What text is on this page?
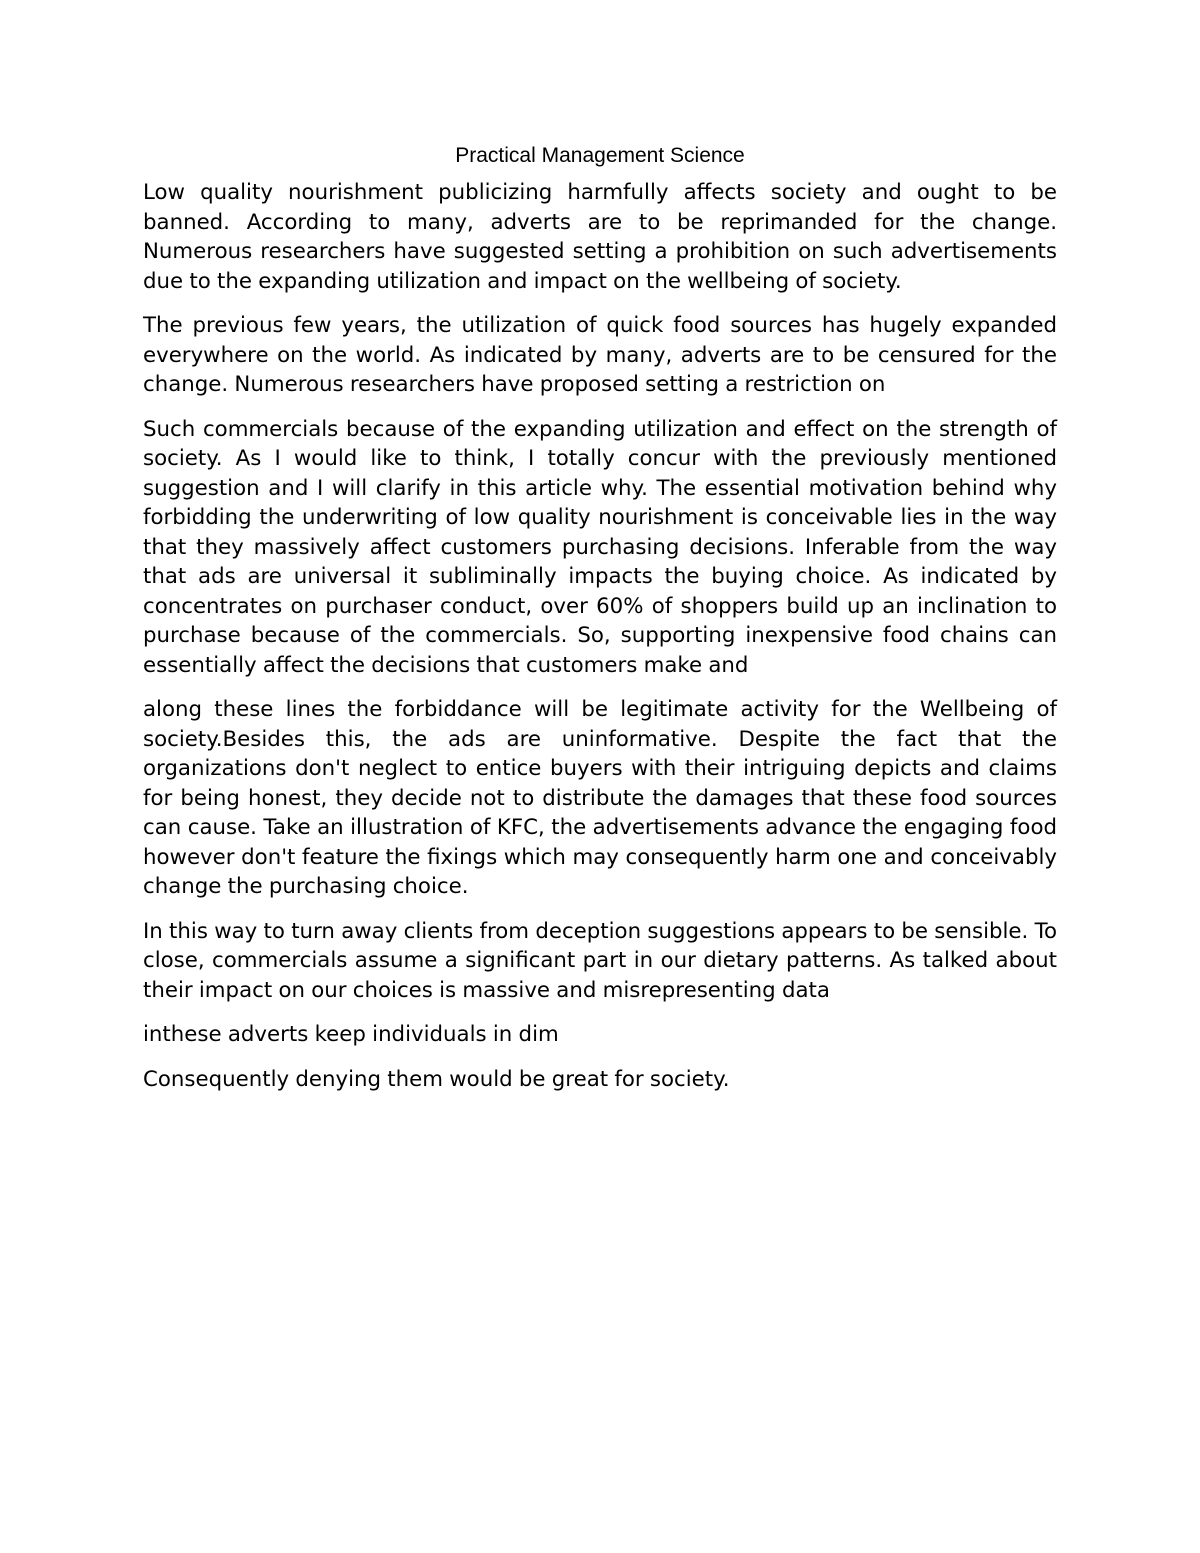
Practical Management Science

Low quality nourishment publicizing harmfully affects society and ought to be banned. According to many, adverts are to be reprimanded for the change. Numerous researchers have suggested setting a prohibition on such advertisements due to the expanding utilization and impact on the wellbeing of society.

The previous few years, the utilization of quick food sources has hugely expanded everywhere on the world. As indicated by many, adverts are to be censured for the change. Numerous researchers have proposed setting a restriction on

Such commercials because of the expanding utilization and effect on the strength of society. As I would like to think, I totally concur with the previously mentioned suggestion and I will clarify in this article why. The essential motivation behind why forbidding the underwriting of low quality nourishment is conceivable lies in the way that they massively affect customers purchasing decisions. Inferable from the way that ads are universal it subliminally impacts the buying choice. As indicated by concentrates on purchaser conduct, over 60% of shoppers build up an inclination to purchase because of the commercials. So, supporting inexpensive food chains can essentially affect the decisions that customers make and

along these lines the forbiddance will be legitimate activity for the Wellbeing of society.Besides this, the ads are uninformative. Despite the fact that the organizations don't neglect to entice buyers with their intriguing depicts and claims for being honest, they decide not to distribute the damages that these food sources can cause. Take an illustration of KFC, the advertisements advance the engaging food however don't feature the fixings which may consequently harm one and conceivably change the purchasing choice.

In this way to turn away clients from deception suggestions appears to be sensible. To close, commercials assume a significant part in our dietary patterns. As talked about their impact on our choices is massive and misrepresenting data

inthese adverts keep individuals in dim

Consequently denying them would be great for society.
